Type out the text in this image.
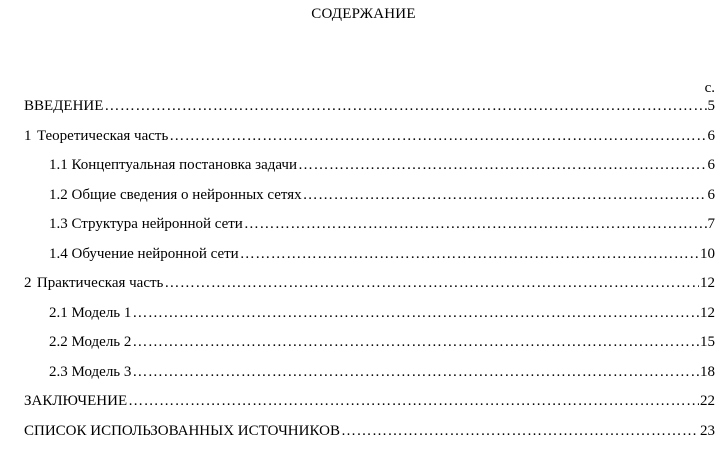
СОДЕРЖАНИЕ
с.
ВВЕДЕНИЕ …………………………………………………………………………………………………………………………………………………………………………………	5
1 Теоретическая часть …………………………………………………………………………………………………………………………………………………………………………………	6
1.1 Концептуальная постановка задачи …………………………………………………………………………………………………………………………………………………………………………………	6
1.2 Общие сведения о нейронных сетях …………………………………………………………………………………………………………………………………………………………………………………	6
1.3 Структура нейронной сети …………………………………………………………………………………………………………………………………………………………………………………	7
1.4 Обучение нейронной сети …………………………………………………………………………………………………………………………………………………………………………………	10
2 Практическая часть …………………………………………………………………………………………………………………………………………………………………………………	12
2.1 Модель 1 …………………………………………………………………………………………………………………………………………………………………………………	12
2.2 Модель 2 …………………………………………………………………………………………………………………………………………………………………………………	15
2.3 Модель 3 …………………………………………………………………………………………………………………………………………………………………………………	18
ЗАКЛЮЧЕНИЕ …………………………………………………………………………………………………………………………………………………………………………………	22
СПИСОК ИСПОЛЬЗОВАННЫХ ИСТОЧНИКОВ …………………………………………………………………………………………………………………………………………………………………………………	23
